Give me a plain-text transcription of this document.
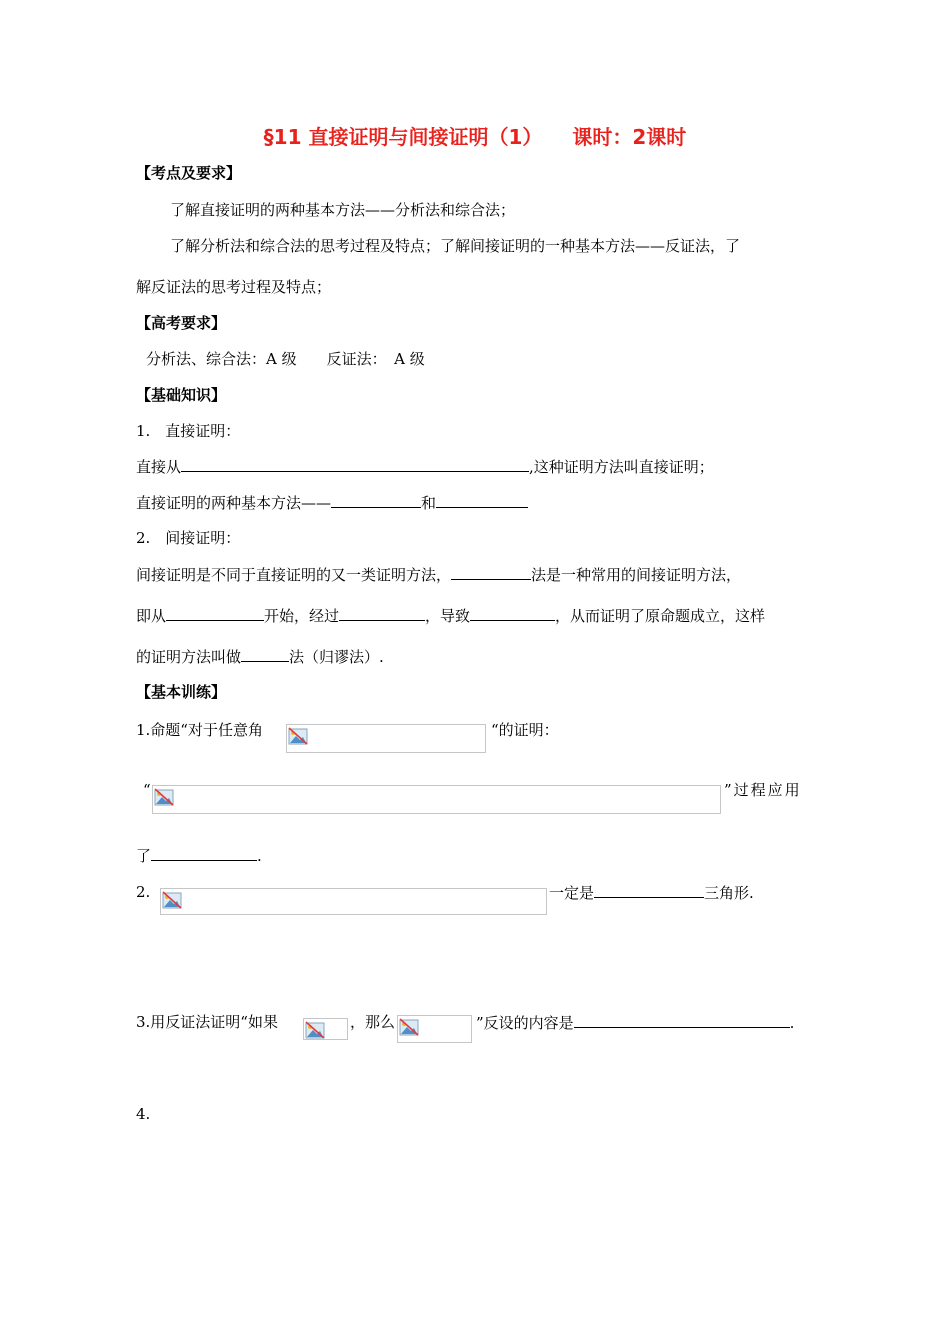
§11 直接证明与间接证明（1）　　课时：2课时
【考点及要求】
了解直接证明的两种基本方法——分析法和综合法；
了解分析法和综合法的思考过程及特点；了解间接证明的一种基本方法——反证法，了
解反证法的思考过程及特点；
【高考要求】
分析法、综合法：A 级　　反证法：　A 级
【基础知识】
1.　直接证明：
直接从	,这种证明方法叫直接证明；
直接证明的两种基本方法——	和
2.　间接证明：
间接证明是不同于直接证明的又一类证明方法，	法是一种常用的间接证明方法，
即从	开始，经过	，导致	，从而证明了原命题成立，这样
的证明方法叫做	法（归谬法）.
【基本训练】
1.命题“对于任意角	“的证明：
“	”过程应用
了	.
2.	一定是	三角形.
3.用反证法证明“如果	，那么	”反设的内容是	.
4.
